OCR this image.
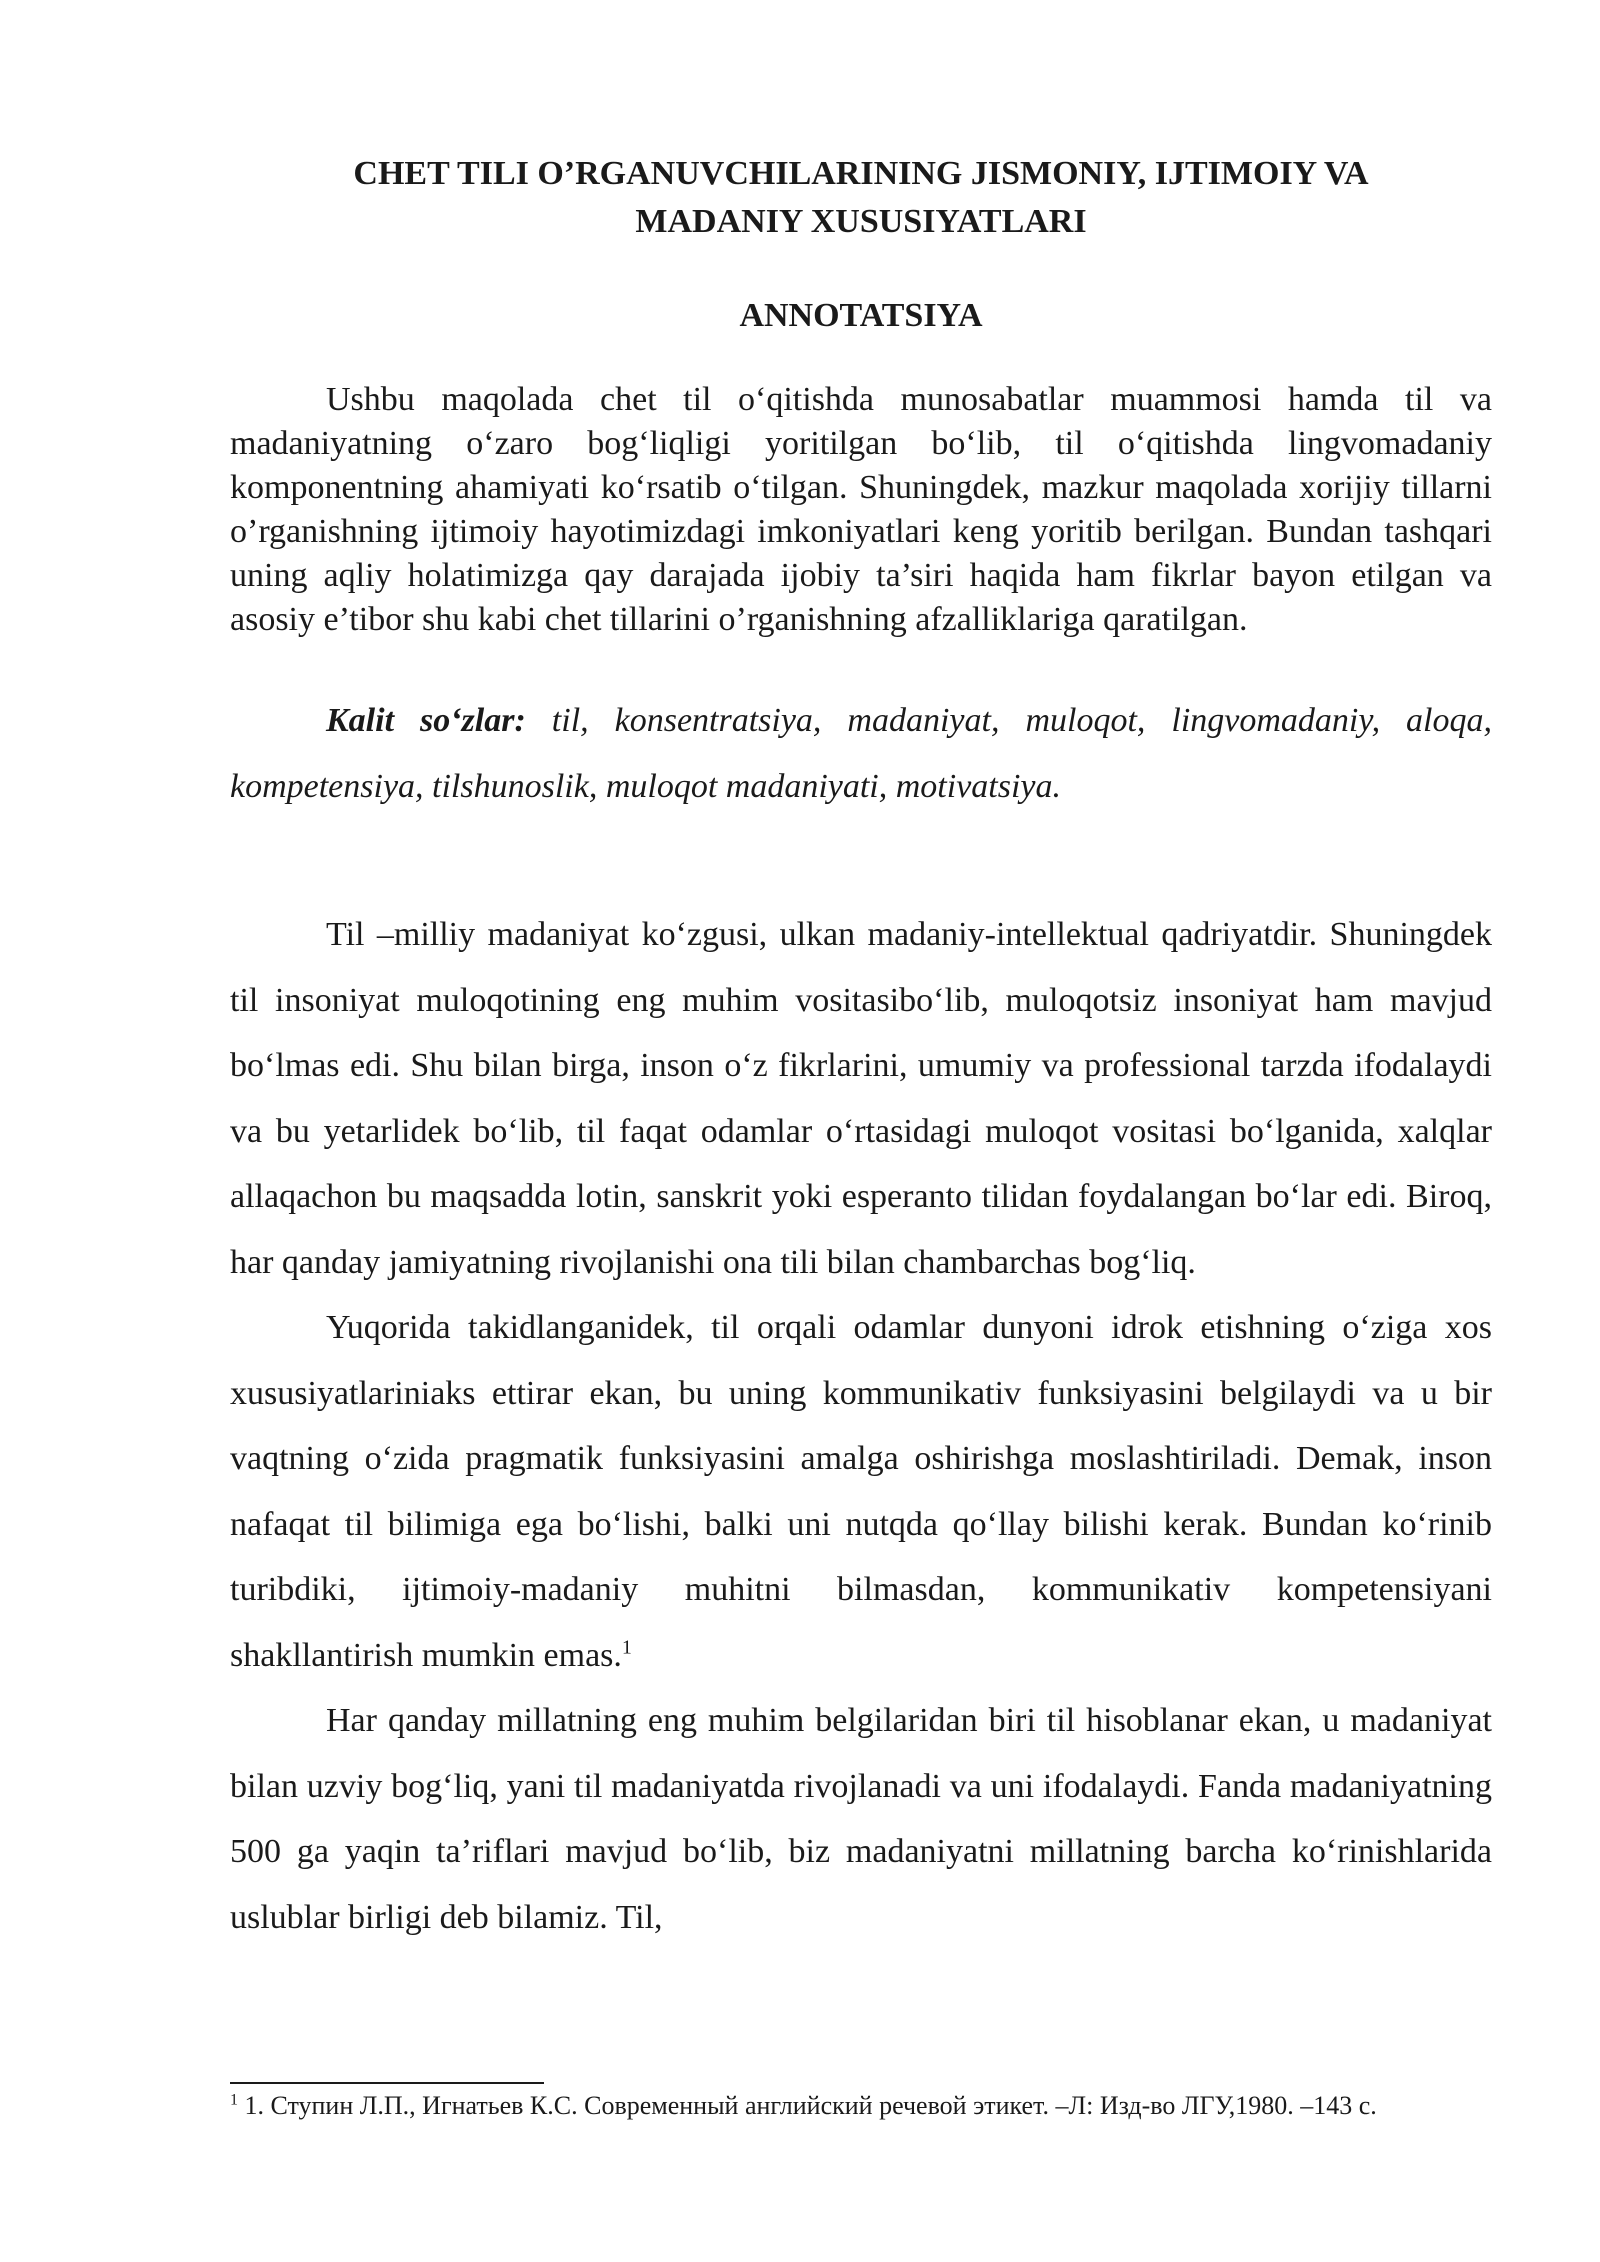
CHET TILI O’RGANUVCHILARINING JISMONIY, IJTIMOIY VA
MADANIY XUSUSIYATLARI

ANNOTATSIYA

Ushbu maqolada chet til o‘qitishda munosabatlar muammosi hamda til va madaniyatning o‘zaro bog‘liqligi yoritilgan bo‘lib, til o‘qitishda lingvomadaniy komponentning ahamiyati ko‘rsatib o‘tilgan. Shuningdek, mazkur maqolada xorijiy tillarni o’rganishning ijtimoiy hayotimizdagi imkoniyatlari keng yoritib berilgan. Bundan tashqari uning aqliy holatimizga qay darajada ijobiy ta’siri haqida ham fikrlar bayon etilgan va asosiy e’tibor shu kabi chet tillarini o’rganishning afzalliklariga qaratilgan.

Kalit so‘zlar: til, konsentratsiya, madaniyat, muloqot, lingvomadaniy, aloqa, kompetensiya, tilshunoslik, muloqot madaniyati, motivatsiya.

Til –milliy madaniyat ko‘zgusi, ulkan madaniy-intellektual qadriyatdir. Shuningdek til insoniyat muloqotining eng muhim vositasibo‘lib, muloqotsiz insoniyat ham mavjud bo‘lmas edi. Shu bilan birga, inson o‘z fikrlarini, umumiy va professional tarzda ifodalaydi va bu yetarlidek bo‘lib, til faqat odamlar o‘rtasidagi muloqot vositasi bo‘lganida, xalqlar allaqachon bu maqsadda lotin, sanskrit yoki esperanto tilidan foydalangan bo‘lar edi. Biroq, har qanday jamiyatning rivojlanishi ona tili bilan chambarchas bog‘liq.

Yuqorida takidlanganidek, til orqali odamlar dunyoni idrok etishning o‘ziga xos xususiyatlariniaks ettirar ekan, bu uning kommunikativ funksiyasini belgilaydi va u bir vaqtning o‘zida pragmatik funksiyasini amalga oshirishga moslashtiriladi. Demak, inson nafaqat til bilimiga ega bo‘lishi, balki uni nutqda qo‘llay bilishi kerak. Bundan ko‘rinib turibdiki, ijtimoiy-madaniy muhitni bilmasdan, kommunikativ kompetensiyani shakllantirish mumkin emas.$^1$

Har qanday millatning eng muhim belgilaridan biri til hisoblanar ekan, u madaniyat bilan uzviy bog‘liq, yani til madaniyatda rivojlanadi va uni ifodalaydi. Fanda madaniyatning 500 ga yaqin ta’riflari mavjud bo‘lib, biz madaniyatni millatning barcha ko‘rinishlarida uslublar birligi deb bilamiz. Til,

$^1$ 1. Ступин Л.П., Игнатьев К.С. Современный английский речевой этикет. –Л: Изд-во ЛГУ,1980. –143 с.
